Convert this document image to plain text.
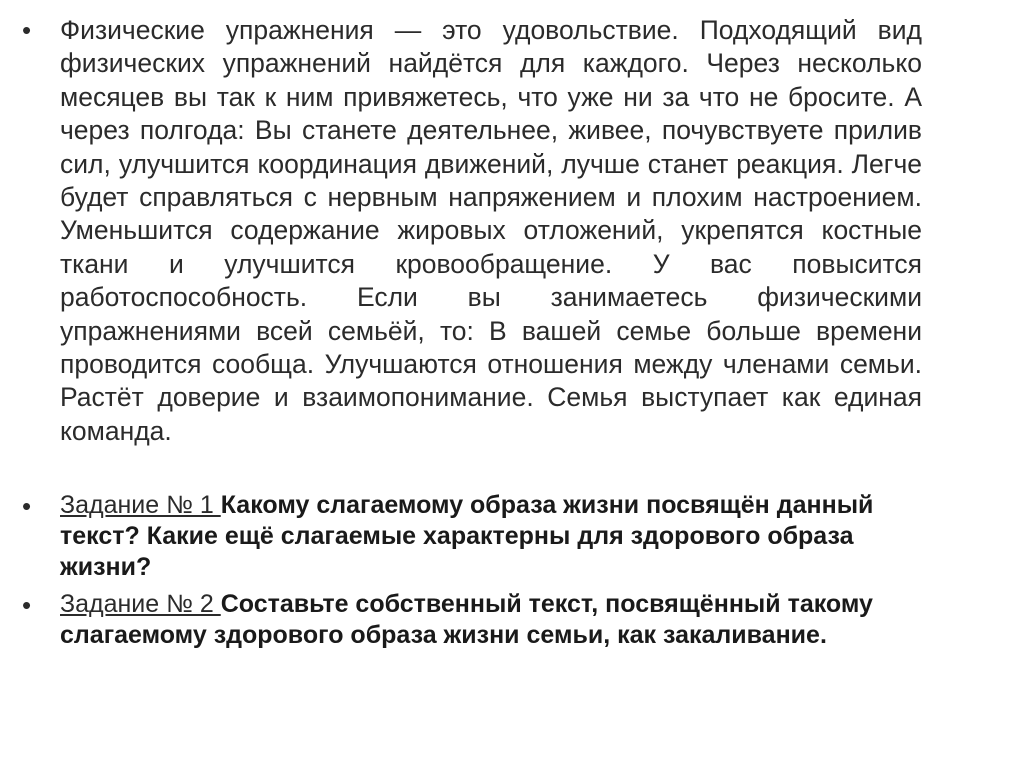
• Физические упражнения — это удовольствие. Подходящий вид физических упражнений найдётся для каждого. Через несколько месяцев вы так к ним привяжетесь, что уже ни за что не бросите. А через полгода: Вы станете деятельнее, живее, почувствуете прилив сил, улучшится координация движений, лучше станет реакция. Легче будет справляться с нервным напряжением и плохим настроением. Уменьшится содержание жировых отложений, укрепятся костные ткани и улучшится кровообращение. У вас повысится работоспособность. Если вы занимаетесь физическими упражнениями всей семьёй, то: В вашей семье больше времени проводится сообща. Улучшаются отношения между членами семьи. Растёт доверие и взаимопонимание. Семья выступает как единая команда.

• Задание № 1 Какому слагаемому образа жизни посвящён данный текст? Какие ещё слагаемые характерны для здорового образа жизни?

• Задание № 2 Составьте собственный текст, посвящённый такому слагаемому здорового образа жизни семьи, как закаливание.
